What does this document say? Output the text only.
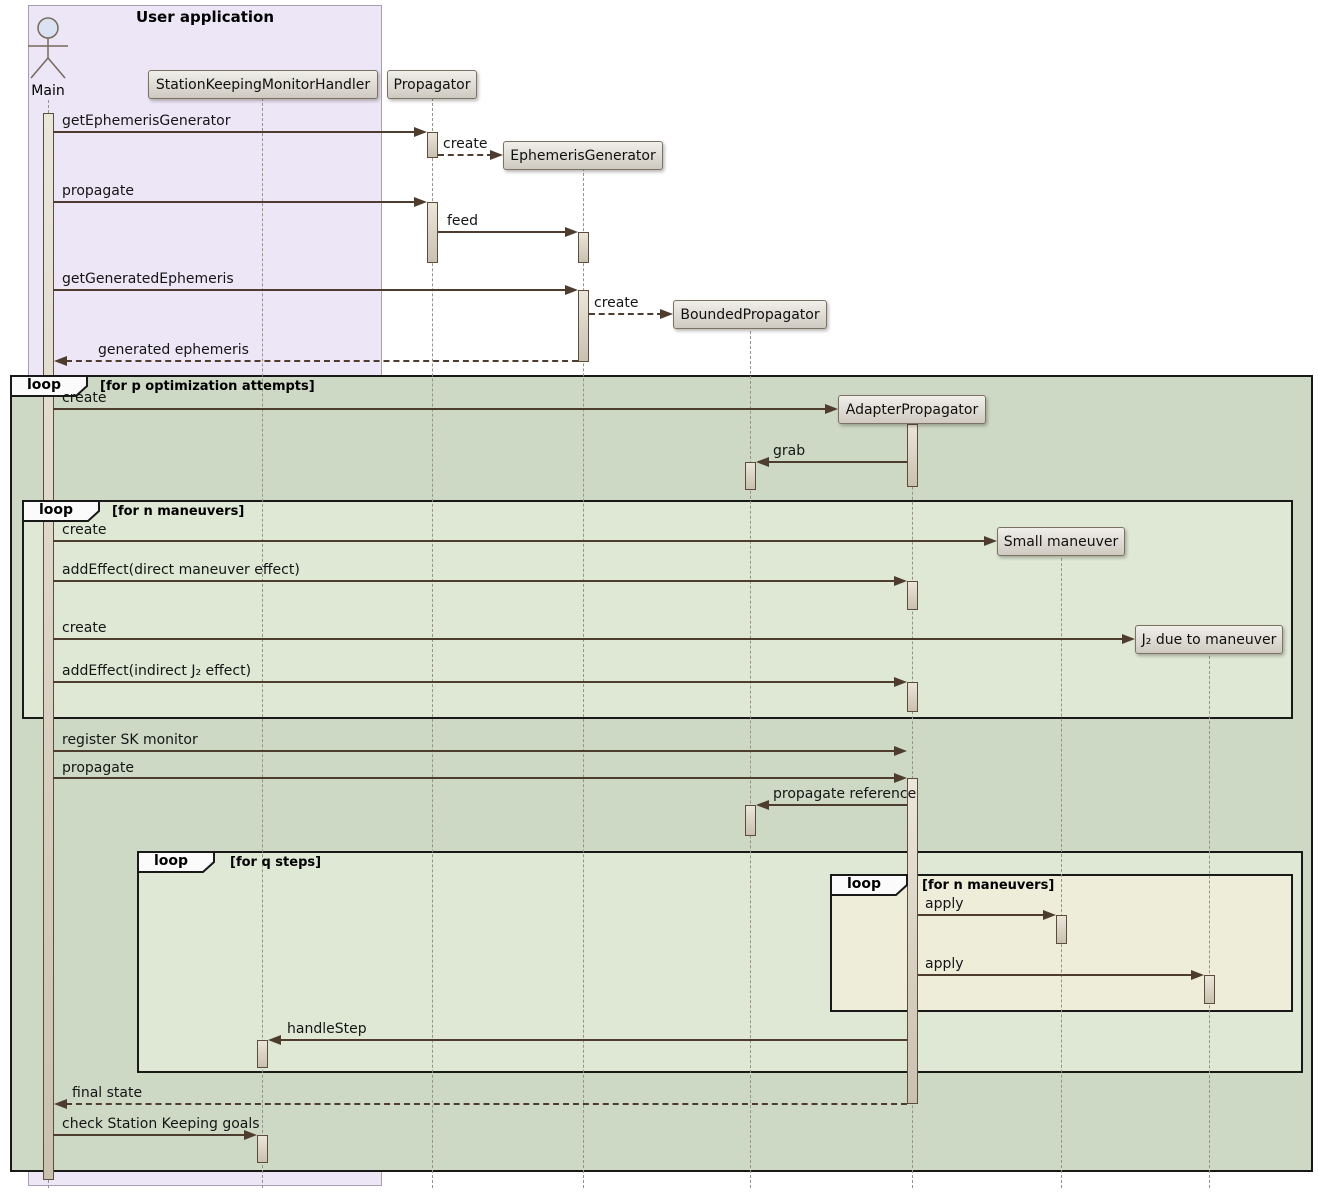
loop	[for p optimization attempts]
loop	[for n maneuvers]
loop	[for q steps]
loop	[for n maneuvers]
getEphemerisGenerator
create
propagate
feed
getGeneratedEphemeris
create
generated ephemeris
create
grab
create
addEffect(direct maneuver effect)
create
addEffect(indirect J₂ effect)
register SK monitor
propagate
propagate reference
apply
apply
handleStep
final state
check Station Keeping goals
StationKeepingMonitorHandler Propagator
EphemerisGenerator
BoundedPropagator
AdapterPropagator
Small maneuver
J₂ due to maneuver
Main
User application
